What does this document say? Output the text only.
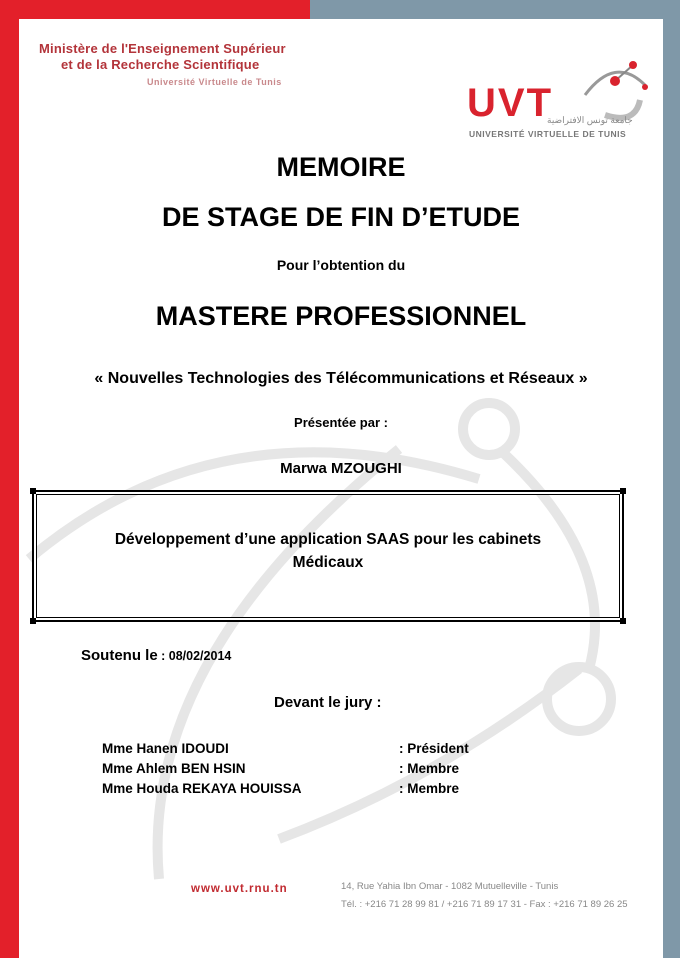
Ministère de l'Enseignement Supérieur
et de la Recherche Scientifique
Université Virtuelle de Tunis	UVT
جامعة تونس الافتراضية
UNIVERSITÉ VIRTUELLE DE TUNIS
MEMOIRE
DE STAGE DE FIN D’ETUDE
Pour l’obtention du
MASTERE PROFESSIONNEL
« Nouvelles Technologies des Télécommunications et Réseaux »
Présentée par :
Marwa MZOUGHI
Développement d’une application SAAS pour les cabinets
Médicaux
Soutenu le : 08/02/2014
Devant le jury :
Mme Hanen IDOUDI	: Président
Mme Ahlem BEN HSIN	: Membre
Mme Houda REKAYA HOUISSA	: Membre
www.uvt.rnu.tn	14, Rue Yahia Ibn Omar - 1082 Mutuelleville - Tunis
Tél. : +216 71 28 99 81 / +216 71 89 17 31 - Fax : +216 71 89 26 25
